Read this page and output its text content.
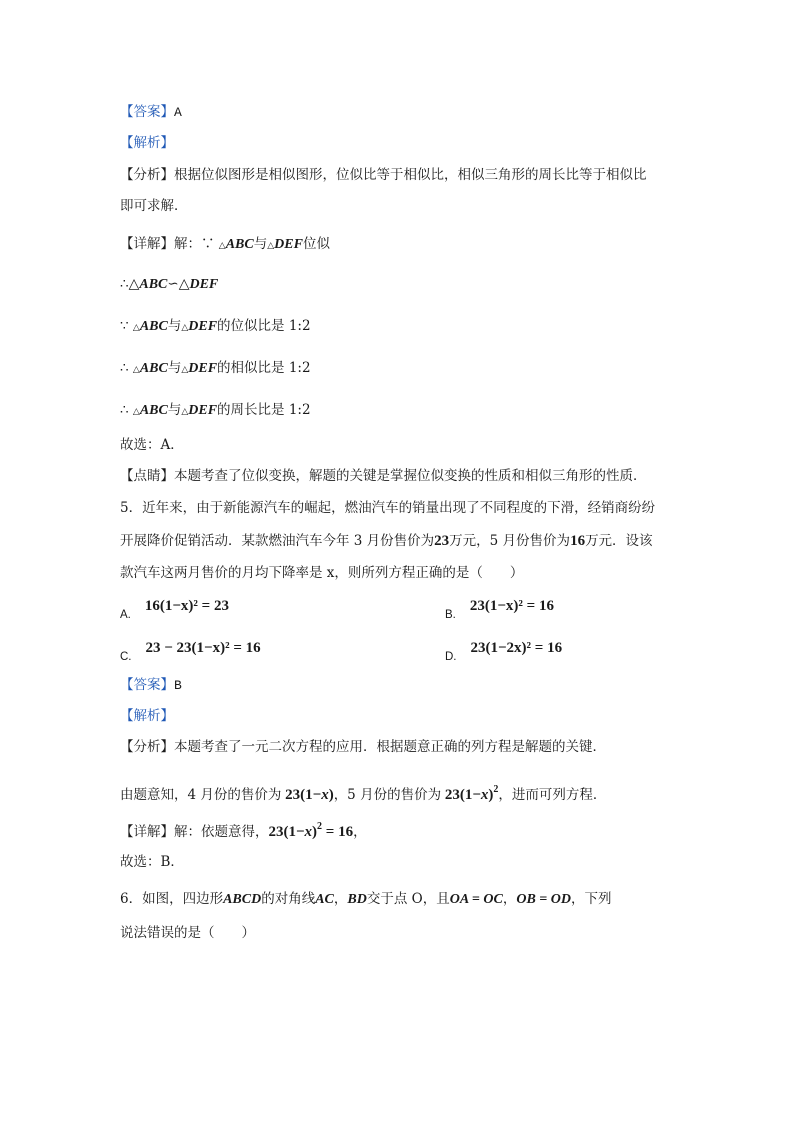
【答案】A
【解析】
【分析】根据位似图形是相似图形，位似比等于相似比，相似三角形的周长比等于相似比
即可求解．
【详解】解：∵ △ABC与△DEF位似
∴△ABC∽△DEF
∵ △ABC与△DEF的位似比是 1:2
∴ △ABC与△DEF的相似比是 1:2
∴ △ABC与△DEF的周长比是 1:2
故选：A．
【点睛】本题考查了位似变换，解题的关键是掌握位似变换的性质和相似三角形的性质．
5．近年来，由于新能源汽车的崛起，燃油汽车的销量出现了不同程度的下滑，经销商纷纷
开展降价促销活动．某款燃油汽车今年 3 月份售价为23万元，5 月份售价为16万元．设该
款汽车这两月售价的月均下降率是 x，则所列方程正确的是（　　）
A.16(1−x)² = 23
B.23(1−x)² = 16
C.23 − 23(1−x)² = 16
D.23(1−2x)² = 16
【答案】B
【解析】
【分析】本题考查了一元二次方程的应用．根据题意正确的列方程是解题的关键．
由题意知，4 月份的售价为 23(1−x)，5 月份的售价为 $23(1-x)^2$，进而可列方程．
【详解】解：依题意得，$23(1-x)^2 = 16$，
故选：B．
6．如图，四边形ABCD的对角线AC，BD交于点 O，且OA = OC，OB = OD，下列
说法错误的是（　　）
